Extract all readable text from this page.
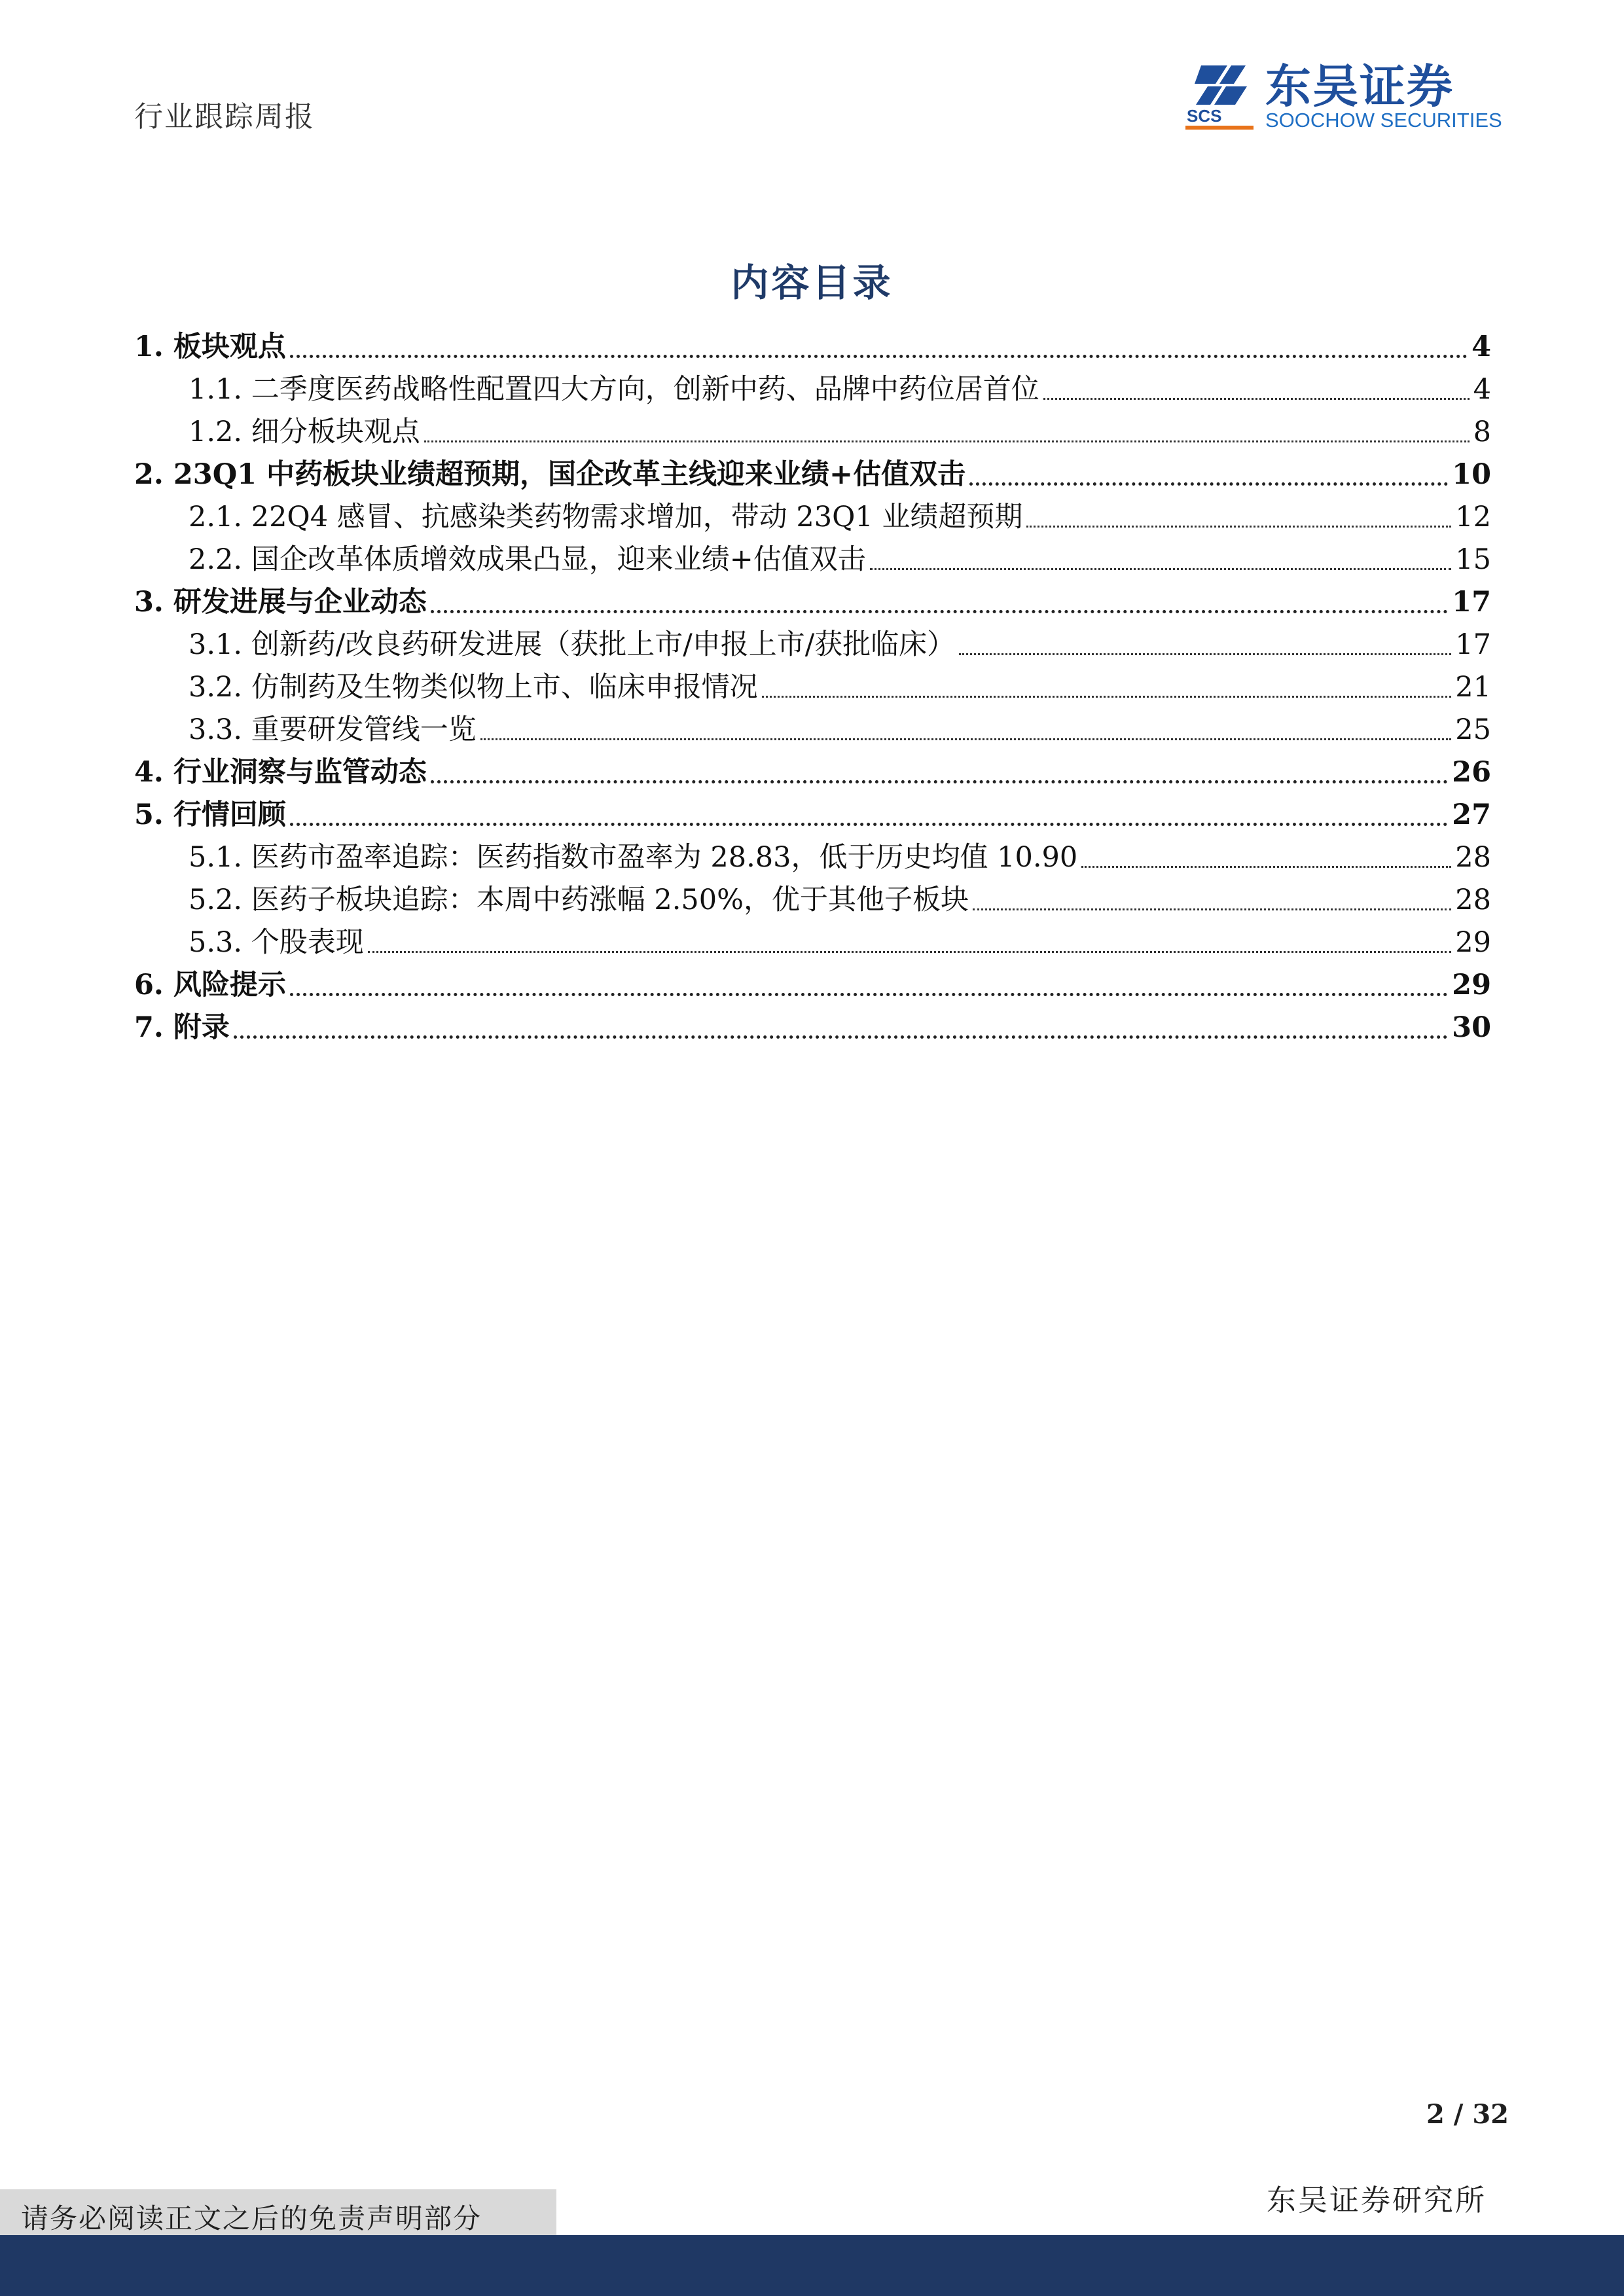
行业跟踪周报	SCS
东吴证券
SOOCHOW SECURITIES
内容目录
1. 板块观点	4
1.1. 二季度医药战略性配置四大方向，创新中药、品牌中药位居首位	4
1.2. 细分板块观点	8
2. 23Q1 中药板块业绩超预期，国企改革主线迎来业绩+估值双击	10
2.1. 22Q4 感冒、抗感染类药物需求增加，带动 23Q1 业绩超预期	12
2.2. 国企改革体质增效成果凸显，迎来业绩+估值双击	15
3. 研发进展与企业动态	17
3.1. 创新药/改良药研发进展（获批上市/申报上市/获批临床）	17
3.2. 仿制药及生物类似物上市、临床申报情况	21
3.3. 重要研发管线一览	25
4. 行业洞察与监管动态	26
5. 行情回顾	27
5.1. 医药市盈率追踪：医药指数市盈率为 28.83，低于历史均值 10.90	28
5.2. 医药子板块追踪：本周中药涨幅 2.50%，优于其他子板块	28
5.3. 个股表现	29
6. 风险提示	29
7. 附录	30
2 / 32
东吴证券研究所
请务必阅读正文之后的免责声明部分
